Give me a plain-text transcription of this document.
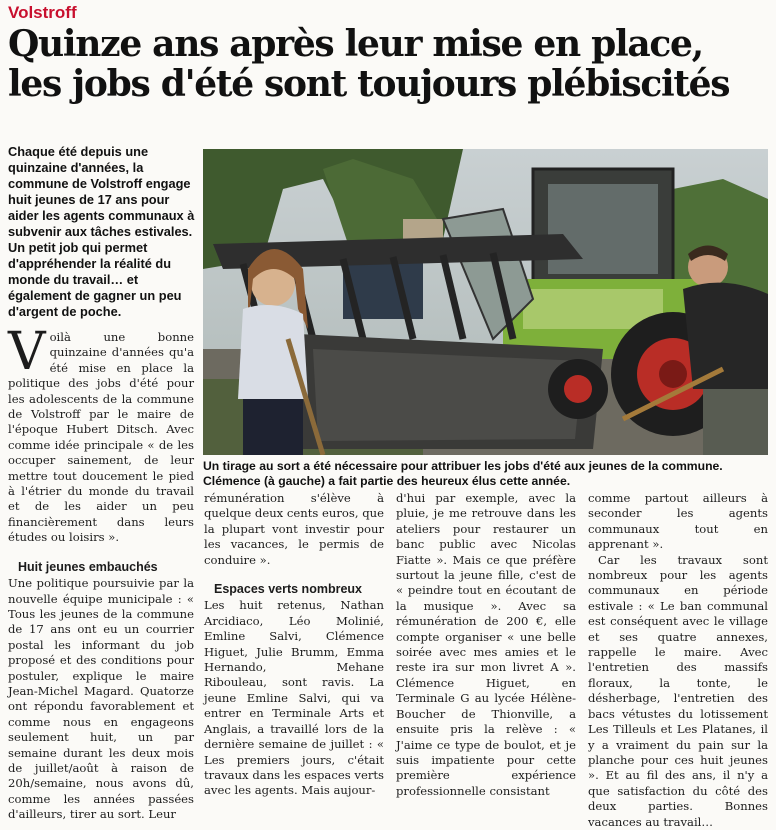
Volstroff
Quinze ans après leur mise en place,
les jobs d'été sont toujours plébiscités
Chaque été depuis une quinzaine d'années, la commune de Volstroff engage huit jeunes de 17 ans pour aider les agents communaux à subvenir aux tâches estivales. Un petit job qui permet d'appréhender la réalité du monde du travail… et également de gagner un peu d'argent de poche.

Voilà une bonne quinzaine d'années qu'a été mise en place la politique des jobs d'été pour les adolescents de la commune de Volstroff par le maire de l'époque Hubert Ditsch. Avec comme idée principale « de les occuper sainement, de leur mettre tout doucement le pied à l'étrier du monde du travail et de les aider un peu financièrement dans leurs études ou loisirs ».

Huit jeunes embauchés

Une politique poursuivie par la nouvelle équipe municipale : « Tous les jeunes de la commune de 17 ans ont eu un courrier postal les informant du job proposé et des conditions pour postuler, explique le maire Jean-Michel Magard. Quatorze ont répondu favorablement et comme nous en engageons seulement huit, un par semaine durant les deux mois de juillet/août à raison de 20h/semaine, nous avons dû, comme les années passées d'ailleurs, tirer au sort. Leur

Un tirage au sort a été nécessaire pour attribuer les jobs d'été aux jeunes de la commune. Clémence (à gauche) a fait partie des heureux élus cette année.

rémunération s'élève à quelque deux cents euros, que la plupart vont investir pour les vacances, le permis de conduire ».

Espaces verts nombreux

Les huit retenus, Nathan Arcidiaco, Léo Molinié, Emline Salvi, Clémence Higuet, Julie Brumm, Emma Hernando, Mehane Ribouleau, sont ravis. La jeune Emline Salvi, qui va entrer en Terminale Arts et Anglais, a travaillé lors de la dernière semaine de juillet : « Les premiers jours, c'était travaux dans les espaces verts avec les agents. Mais aujour-

d'hui par exemple, avec la pluie, je me retrouve dans les ateliers pour restaurer un banc public avec Nicolas Fiatte ». Mais ce que préfère surtout la jeune fille, c'est de « peindre tout en écoutant de la musique ». Avec sa rémunération de 200 €, elle compte organiser « une belle soirée avec mes amies et le reste ira sur mon livret A ». Clémence Higuet, en Terminale G au lycée Hélène-Boucher de Thionville, a ensuite pris la relève : « J'aime ce type de boulot, et je suis impatiente pour cette première expérience professionnelle consistant

comme partout ailleurs à seconder les agents communaux tout en apprenant ».

Car les travaux sont nombreux pour les agents communaux en période estivale : « Le ban communal est conséquent avec le village et ses quatre annexes, rappelle le maire. Avec l'entretien des massifs floraux, la tonte, le désherbage, l'entretien des bacs vétustes du lotissement Les Tilleuls et Les Platanes, il y a vraiment du pain sur la planche pour ces huit jeunes ». Et au fil des ans, il n'y a que satisfaction du côté des deux parties. Bonnes vacances au travail…
